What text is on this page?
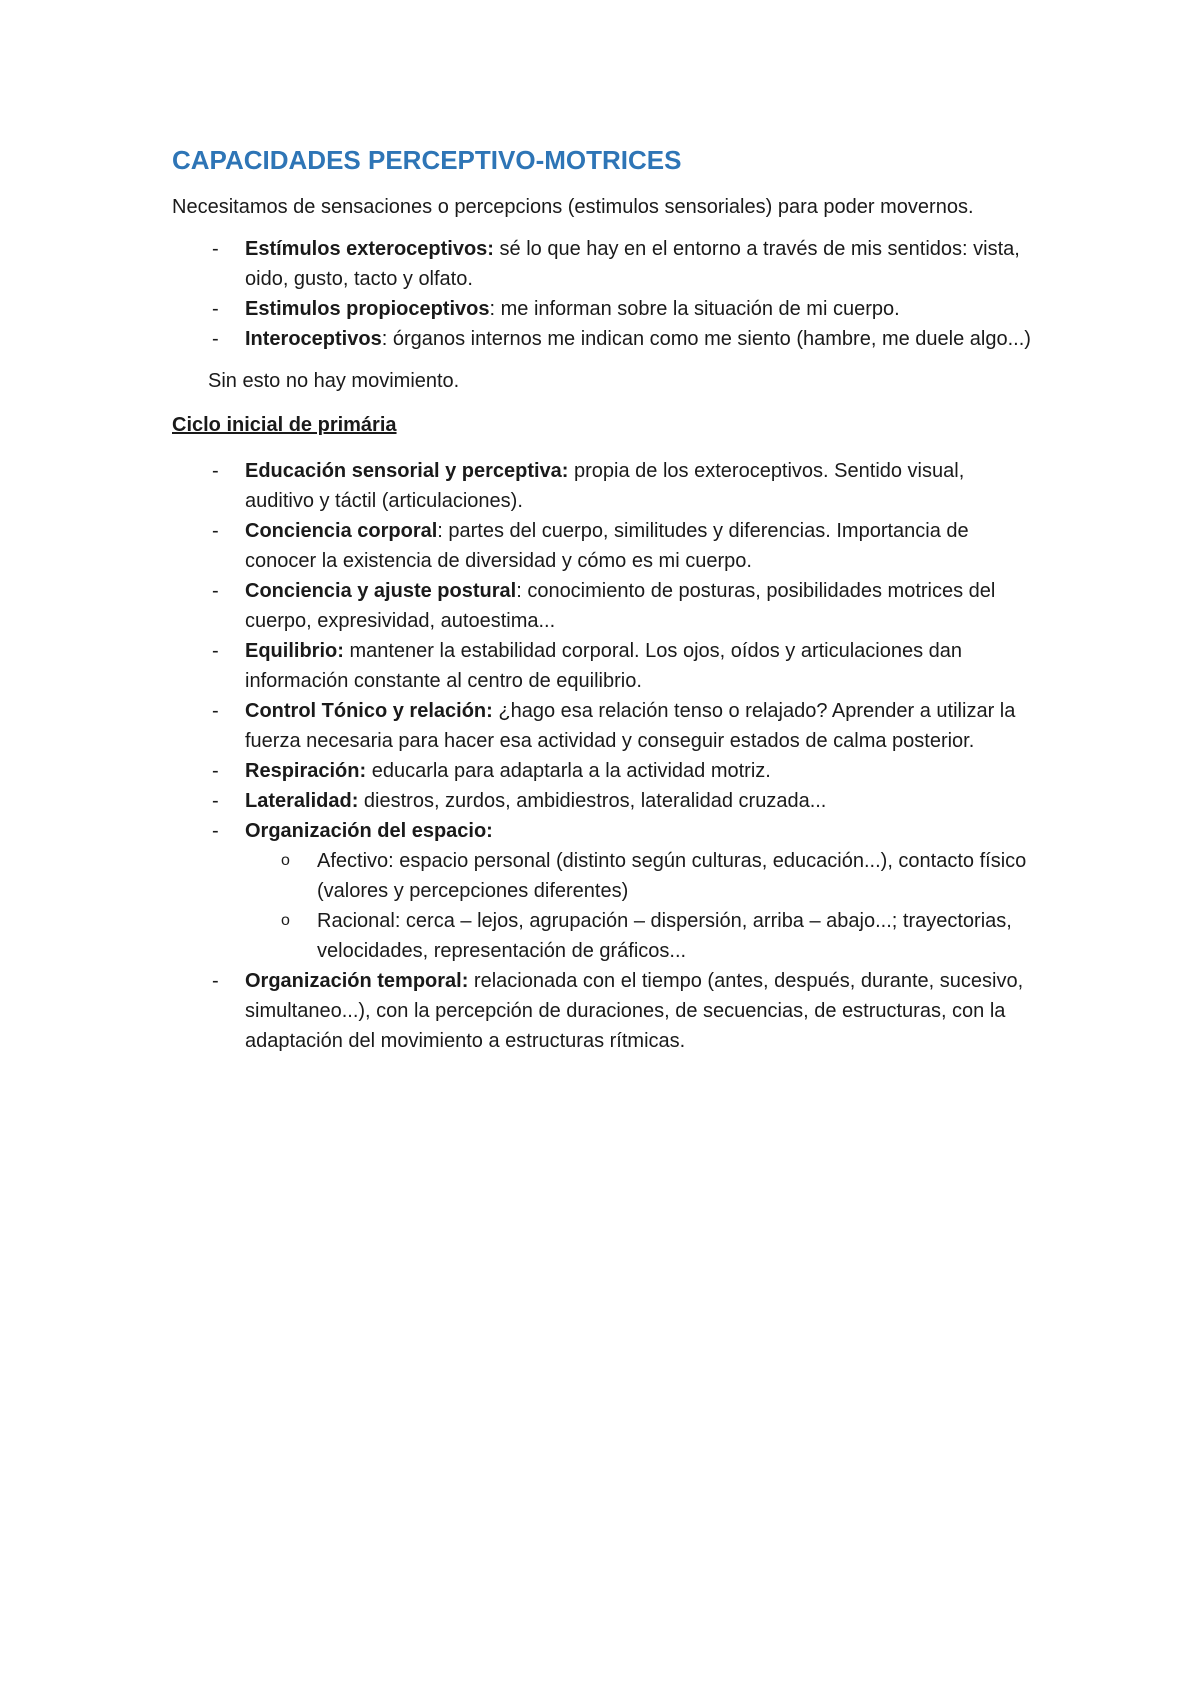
CAPACIDADES PERCEPTIVO-MOTRICES

Necesitamos de sensaciones o percepcions (estimulos sensoriales) para poder movernos.

- Estímulos exteroceptivos: sé lo que hay en el entorno a través de mis sentidos: vista, oido, gusto, tacto y olfato.
- Estimulos propioceptivos: me informan sobre la situación de mi cuerpo.
- Interoceptivos: órganos internos me indican como me siento (hambre, me duele algo...)

Sin esto no hay movimiento.

Ciclo inicial de primária
- Educación sensorial y perceptiva: propia de los exteroceptivos. Sentido visual, auditivo y táctil (articulaciones).
- Conciencia corporal: partes del cuerpo, similitudes y diferencias. Importancia de conocer la existencia de diversidad y cómo es mi cuerpo.
- Conciencia y ajuste postural: conocimiento de posturas, posibilidades motrices del cuerpo, expresividad, autoestima...
- Equilibrio: mantener la estabilidad corporal. Los ojos, oídos y articulaciones dan información constante al centro de equilibrio.
- Control Tónico y relación: ¿hago esa relación tenso o relajado? Aprender a utilizar la fuerza necesaria para hacer esa actividad y conseguir estados de calma posterior.
- Respiración: educarla para adaptarla a la actividad motriz.
- Lateralidad: diestros, zurdos, ambidiestros, lateralidad cruzada...
- Organización del espacio:
o Afectivo: espacio personal (distinto según culturas, educación...), contacto físico (valores y percepciones diferentes)
o Racional: cerca – lejos, agrupación – dispersión, arriba – abajo...; trayectorias, velocidades, representación de gráficos...
- Organización temporal: relacionada con el tiempo (antes, después, durante, sucesivo, simultaneo...), con la percepción de duraciones, de secuencias, de estructuras, con la adaptación del movimiento a estructuras rítmicas.
